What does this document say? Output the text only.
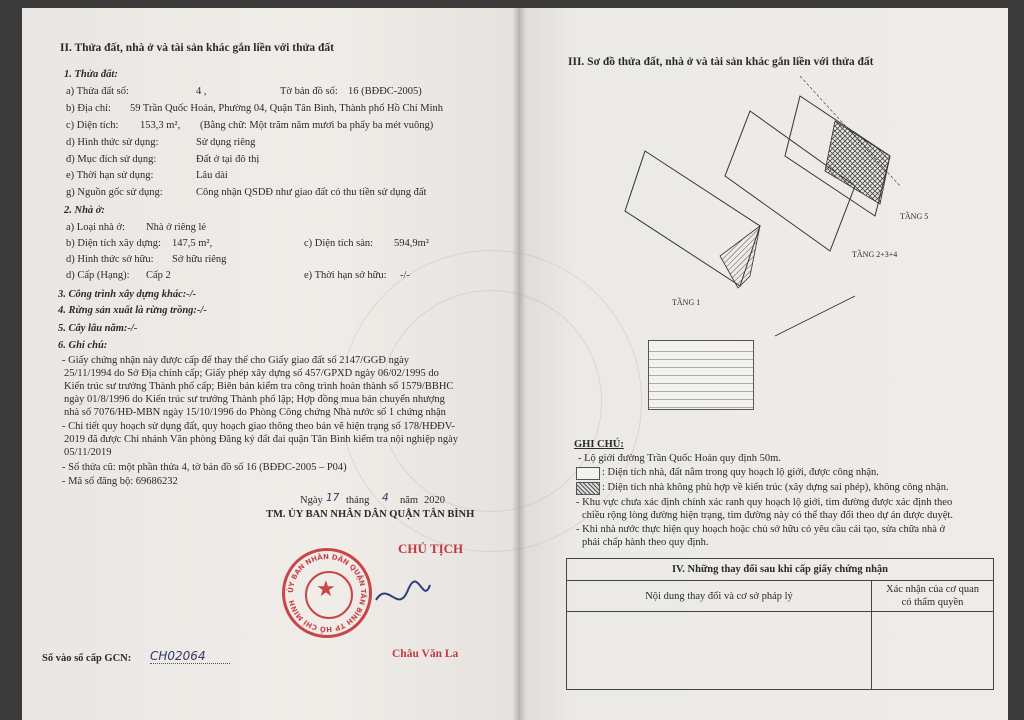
II. Thửa đất, nhà ở và tài sản khác gắn liền với thửa đất
1. Thửa đất:
a) Thửa đất số:	4 ,	Tờ bản đồ số: 16 (BĐĐC-2005)
b) Địa chỉ: 59 Trần Quốc Hoản, Phường 04, Quận Tân Bình, Thành phố Hồ Chí Minh
c) Diện tích: 153,3 m², (Bằng chữ: Một trăm năm mươi ba phẩy ba mét vuông)
d) Hình thức sử dụng:	Sử dụng riêng
đ) Mục đích sử dụng:	Đất ở tại đô thị
e) Thời hạn sử dụng:	Lâu dài
g) Nguồn gốc sử dụng:	Công nhận QSDĐ như giao đất có thu tiền sử dụng đất
2. Nhà ở:
a) Loại nhà ở: Nhà ở riêng lẻ
b) Diện tích xây dựng: 147,5 m²,	c) Diện tích sàn: 594,9m²
d) Hình thức sở hữu: Sở hữu riêng
d) Cấp (Hạng): Cấp 2	e) Thời hạn sở hữu: -/-
3. Công trình xây dựng khác:-/-
4. Rừng sản xuất là rừng trồng:-/-
5. Cây lâu năm:-/-
6. Ghi chú:
- Giấy chứng nhận này được cấp để thay thế cho Giấy giao đất số 2147/GGĐ ngày
25/11/1994 do Sở Địa chính cấp; Giấy phép xây dựng số 457/GPXD ngày 06/02/1995 do
Kiến trúc sư trưởng Thành phố cấp; Biên bản kiểm tra công trình hoàn thành số 1579/BBHC
ngày 01/8/1996 do Kiến trúc sư trưởng Thành phố lập; Hợp đồng mua bán chuyển nhượng
nhà số 7076/HĐ-MBN ngày 15/10/1996 do Phòng Công chứng Nhà nước số 1 chứng nhận
- Chi tiết quy hoạch sử dụng đất, quy hoạch giao thông theo bản vẽ hiện trạng số 178/HĐĐV-
2019 đã được Chi nhánh Văn phòng Đăng ký đất đai quận Tân Bình kiểm tra nội nghiệp ngày
05/11/2019
- Số thửa cũ: một phần thửa 4, tờ bản đồ số 16 (BĐĐC-2005 – P04)
- Mã số đăng bộ: 69686232
Ngày 17 tháng 4 năm 2020
TM. ỦY BAN NHÂN DÂN QUẬN TÂN BÌNH
CHỦ TỊCH
ỦY BAN NHÂN DÂN QUẬN TÂN BÌNH TP HỒ CHÍ MINH
★
Châu Văn La
Số vào sổ cấp GCN: CH02064
III. Sơ đồ thửa đất, nhà ở và tài sản khác gắn liền với thửa đất
TẦNG 1
TẦNG 2+3+4
TẦNG 5
GHI CHÚ:
- Lộ giới đường Trần Quốc Hoản quy định 50m.
: Diện tích nhà, đất nằm trong quy hoạch lộ giới, được công nhận.
: Diện tích nhà không phù hợp về kiến trúc (xây dựng sai phép), không công nhận.
- Khu vực chưa xác định chính xác ranh quy hoạch lộ giới, tim đường được xác định theo
chiều rộng lòng đường hiện trạng, tim đường này có thể thay đổi theo dự án được duyệt.
- Khi nhà nước thực hiện quy hoạch hoặc chủ sở hữu có yêu cầu cải tạo, sửa chữa nhà ở
phải chấp hành theo quy định.
IV. Những thay đổi sau khi cấp giấy chứng nhận	
Nội dung thay đổi và cơ sở pháp lý	Xác nhận của cơ quan
có thẩm quyền
